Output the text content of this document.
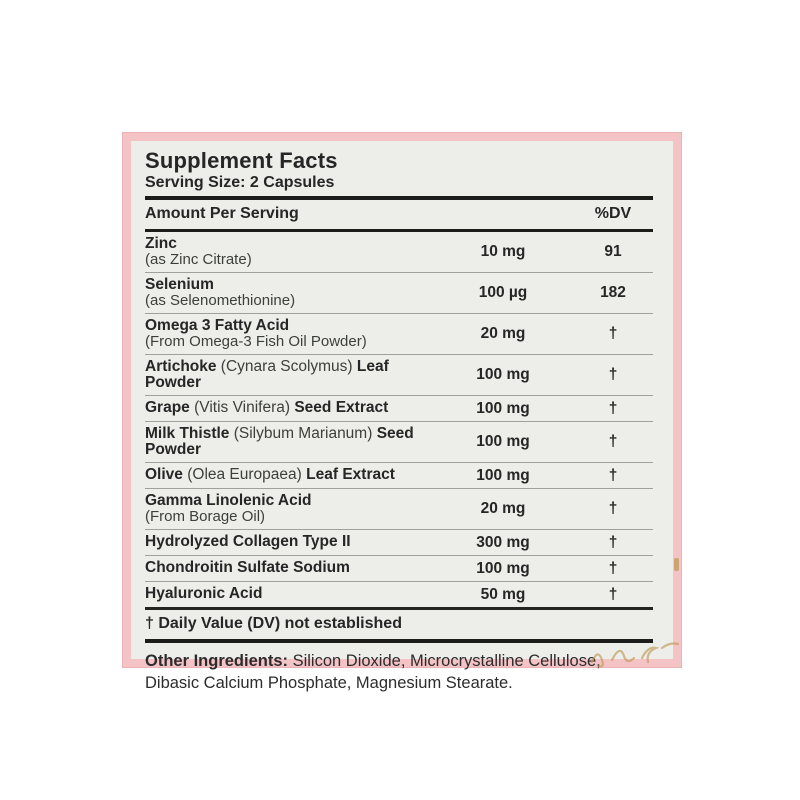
Supplement Facts
Serving Size: 2 Capsules
Amount Per Serving	%DV
Zinc
(as Zinc Citrate)	10 mg	91
Selenium
(as Selenomethionine)	100 µg	182
Omega 3 Fatty Acid
(From Omega-3 Fish Oil Powder)	20 mg	†
Artichoke (Cynara Scolymus) Leaf Powder	100 mg	†
Grape (Vitis Vinifera) Seed Extract	100 mg	†
Milk Thistle (Silybum Marianum) Seed Powder	100 mg	†
Olive (Olea Europaea) Leaf Extract	100 mg	†
Gamma Linolenic Acid
(From Borage Oil)	20 mg	†
Hydrolyzed Collagen Type II	300 mg	†
Chondroitin Sulfate Sodium	100 mg	†
Hyaluronic Acid	50 mg	†
† Daily Value (DV) not established
Other Ingredients: Silicon Dioxide, Microcrystalline Cellulose, Dibasic Calcium Phosphate, Magnesium Stearate.
